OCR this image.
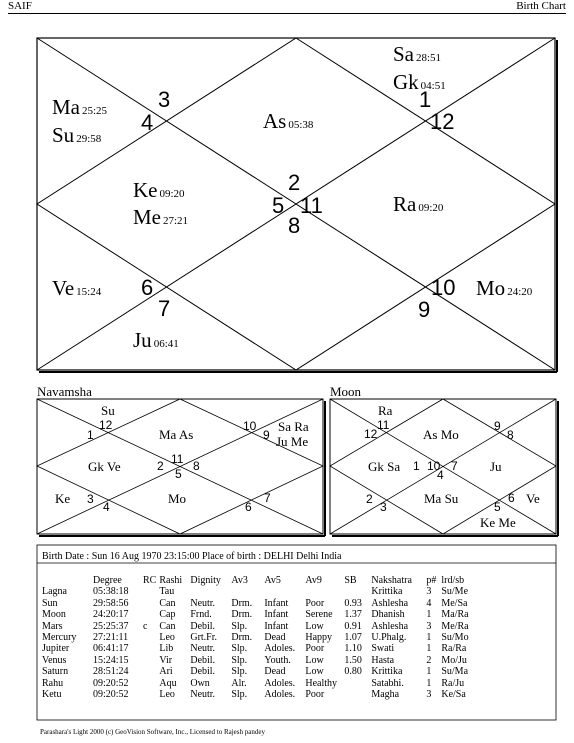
SAIF	Birth Chart
4
3	1
12
2
5 11
8
6
7
10
9
Sa 28:51
Gk 04:51
Ma 25:25
Su 29:58
As 05:38
Ke 09:20
Me 27:21
Ra 09:20
Ve 15:24	Mo 24:20
Ju 06:41
Navamsha
12
1
10
9
11
2 8
3
4	6
7
5
Su
Ma As
Sa Ra
Ju Me
Gk Ve
Ke	Mo
Moon
11
12
9
8
10
1	7
4
2
3
6
5
Ra
As Mo
Gk Sa	Ju
Ma Su	Ve
Ke Me
Birth Date : Sun 16 Aug 1970 23:15:00 Place of birth : DELHI Delhi India
	Degree	RC	Rashi	Dignity	Av3	Av5	Av9	SB	Nakshatra	p#	lrd/sb
Lagna	05:38:18		Tau						Krittika	3	Su/Me
Sun	29:58:56		Can	Neutr.	Drm.	Infant	Poor	0.93	Ashlesha	4	Me/Sa
Moon	24:20:17		Cap	Frnd.	Drm.	Infant	Serene	1.37	Dhanish	1	Ma/Ra
Mars	25:25:37	c	Can	Debil.	Slp.	Infant	Low	0.91	Ashlesha	3	Me/Ra
Mercury	27:21:11		Leo	Grt.Fr.	Drm.	Dead	Happy	1.07	U.Phalg.	1	Su/Mo
Jupiter	06:41:17		Lib	Neutr.	Slp.	Adoles.	Poor	1.10	Swati	1	Ra/Ra
Venus	15:24:15		Vir	Debil.	Slp.	Youth.	Low	1.50	Hasta	2	Mo/Ju
Saturn	28:51:24		Ari	Debil.	Slp.	Dead	Low	0.80	Krittika	1	Su/Ma
Rahu	09:20:52		Aqu	Own	Alr.	Adoles.	Healthy		Satabhi.	1	Ra/Ju
Ketu	09:20:52		Leo	Neutr.	Slp.	Adoles.	Poor		Magha	3	Ke/Sa
Parashara's Light 2000 (c) GeoVision Software, Inc., Licensed to Rajesh pandey
